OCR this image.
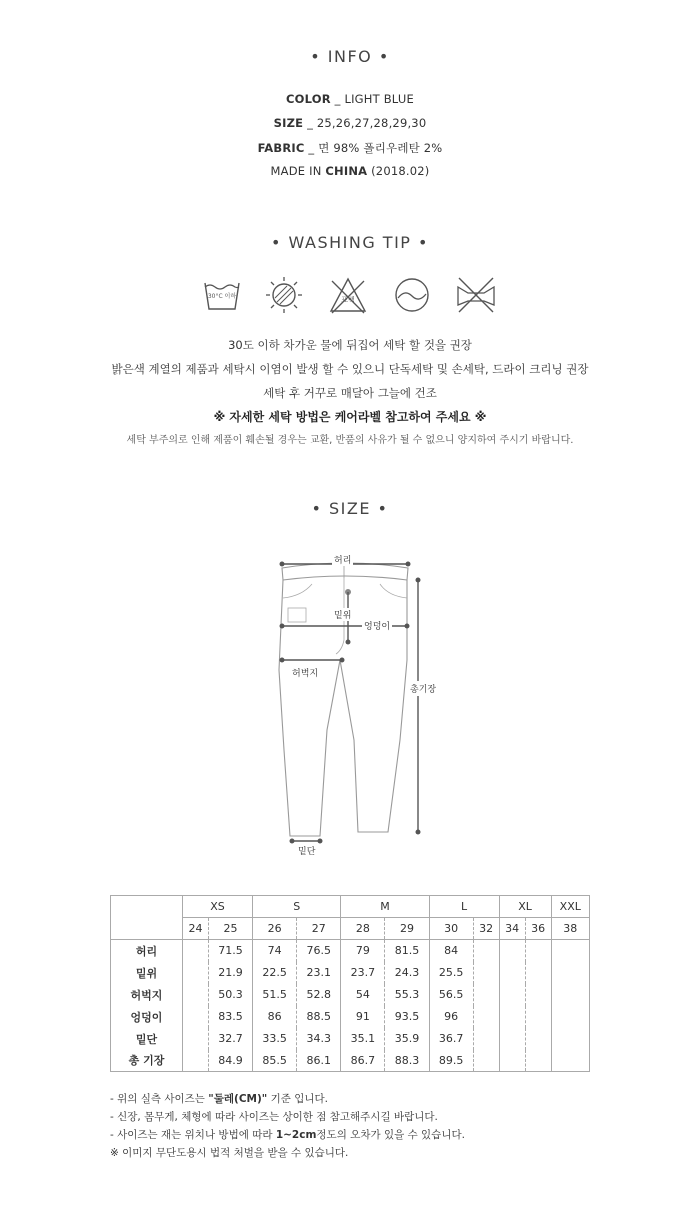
• INFO •
COLOR _ LIGHT BLUE
SIZE _ 25,26,27,28,29,30
FABRIC _ 면 98% 폴리우레탄 2%
MADE IN CHINA (2018.02)
• WASHING TIP •
30°C 이하	표백
30도 이하 차가운 물에 뒤집어 세탁 할 것을 권장
밝은색 계열의 제품과 세탁시 이염이 발생 할 수 있으니 단독세탁 및 손세탁, 드라이 크리닝 권장
세탁 후 거꾸로 매달아 그늘에 건조
※ 자세한 세탁 방법은 케어라벨 참고하여 주세요 ※
세탁 부주의로 인해 제품이 훼손될 경우는 교환, 반품의 사유가 될 수 없으니 양지하여 주시기 바랍니다.
• SIZE •
허리
밑위
엉덩이
허벅지
총기장
밑단
	XS		S		M		L		XL		XXL
	24	25	26	27	28	29	30	32	34	36	38
허리		71.5	74	76.5	79	81.5	84				
밑위		21.9	22.5	23.1	23.7	24.3	25.5				
허벅지		50.3	51.5	52.8	54	55.3	56.5				
엉덩이		83.5	86	88.5	91	93.5	96				
밑단		32.7	33.5	34.3	35.1	35.9	36.7				
총 기장		84.9	85.5	86.1	86.7	88.3	89.5				
- 위의 실측 사이즈는 "둘레(CM)" 기준 입니다.
- 신장, 몸무게, 체형에 따라 사이즈는 상이한 점 참고해주시길 바랍니다.
- 사이즈는 재는 위치나 방법에 따라 1~2cm정도의 오차가 있을 수 있습니다.
※ 이미지 무단도용시 법적 처벌을 받을 수 있습니다.
